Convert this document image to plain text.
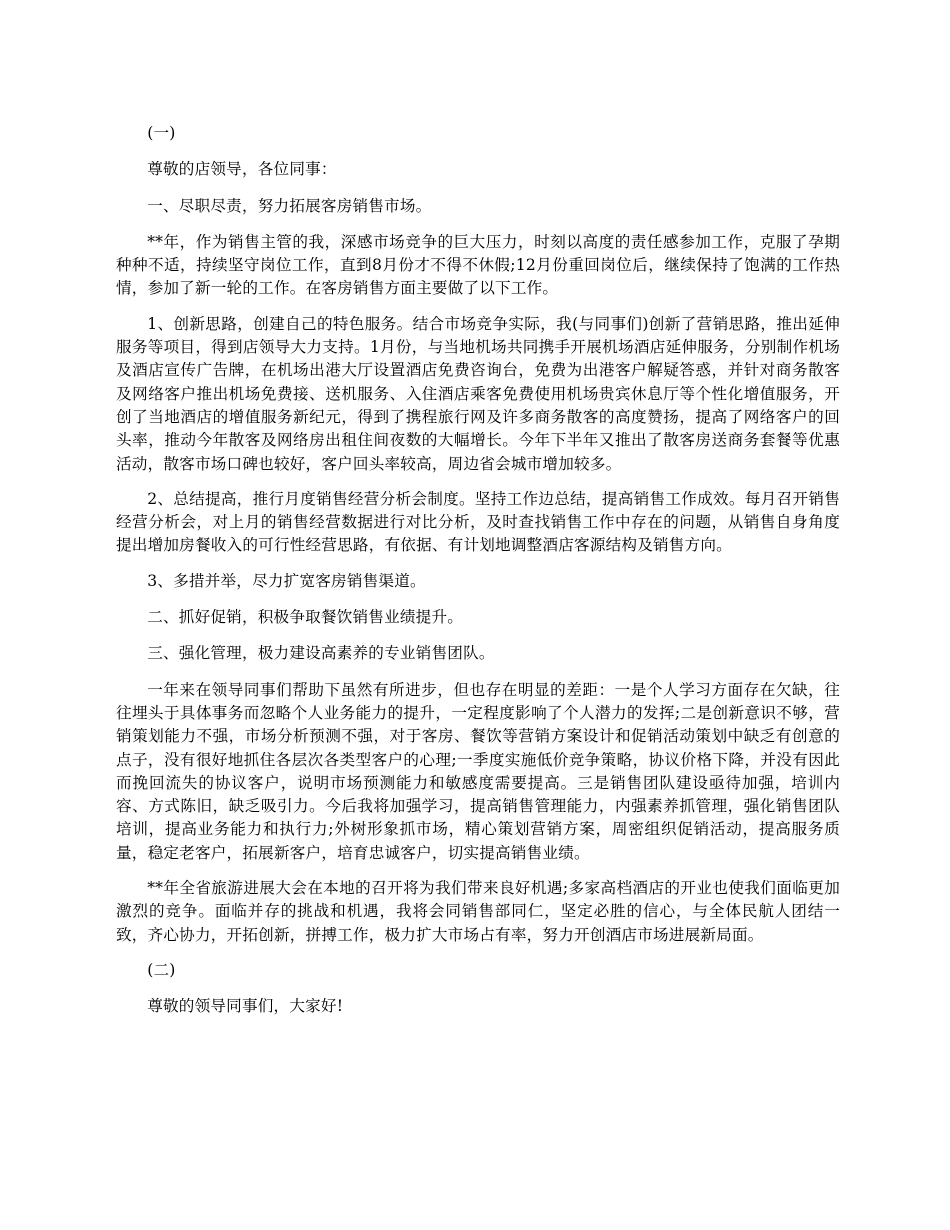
(一)

尊敬的店领导，各位同事：

一、尽职尽责，努力拓展客房销售市场。

**年，作为销售主管的我，深感市场竞争的巨大压力，时刻以高度的责任感参加工作，克服了孕期种种不适，持续坚守岗位工作，直到8月份才不得不休假;12月份重回岗位后，继续保持了饱满的工作热情，参加了新一轮的工作。在客房销售方面主要做了以下工作。

1、创新思路，创建自己的特色服务。结合市场竞争实际，我(与同事们)创新了营销思路，推出延伸服务等项目，得到店领导大力支持。1月份，与当地机场共同携手开展机场酒店延伸服务，分别制作机场及酒店宣传广告牌，在机场出港大厅设置酒店免费咨询台，免费为出港客户解疑答惑，并针对商务散客及网络客户推出机场免费接、送机服务、入住酒店乘客免费使用机场贵宾休息厅等个性化增值服务，开创了当地酒店的增值服务新纪元，得到了携程旅行网及许多商务散客的高度赞扬，提高了网络客户的回头率，推动今年散客及网络房出租住间夜数的大幅增长。今年下半年又推出了散客房送商务套餐等优惠活动，散客市场口碑也较好，客户回头率较高，周边省会城市增加较多。

2、总结提高，推行月度销售经营分析会制度。坚持工作边总结，提高销售工作成效。每月召开销售经营分析会，对上月的销售经营数据进行对比分析，及时查找销售工作中存在的问题，从销售自身角度提出增加房餐收入的可行性经营思路，有依据、有计划地调整酒店客源结构及销售方向。

3、多措并举，尽力扩宽客房销售渠道。

二、抓好促销，积极争取餐饮销售业绩提升。

三、强化管理，极力建设高素养的专业销售团队。

一年来在领导同事们帮助下虽然有所进步，但也存在明显的差距：一是个人学习方面存在欠缺，往往埋头于具体事务而忽略个人业务能力的提升，一定程度影响了个人潜力的发挥;二是创新意识不够，营销策划能力不强，市场分析预测不强，对于客房、餐饮等营销方案设计和促销活动策划中缺乏有创意的点子，没有很好地抓住各层次各类型客户的心理;一季度实施低价竞争策略，协议价格下降，并没有因此而挽回流失的协议客户，说明市场预测能力和敏感度需要提高。三是销售团队建设亟待加强，培训内容、方式陈旧，缺乏吸引力。今后我将加强学习，提高销售管理能力，内强素养抓管理，强化销售团队培训，提高业务能力和执行力;外树形象抓市场，精心策划营销方案，周密组织促销活动，提高服务质量，稳定老客户，拓展新客户，培育忠诚客户，切实提高销售业绩。

**年全省旅游进展大会在本地的召开将为我们带来良好机遇;多家高档酒店的开业也使我们面临更加激烈的竞争。面临并存的挑战和机遇，我将会同销售部同仁，坚定必胜的信心，与全体民航人团结一致，齐心协力，开拓创新，拼搏工作，极力扩大市场占有率，努力开创酒店市场进展新局面。

(二)

尊敬的领导同事们，大家好!
